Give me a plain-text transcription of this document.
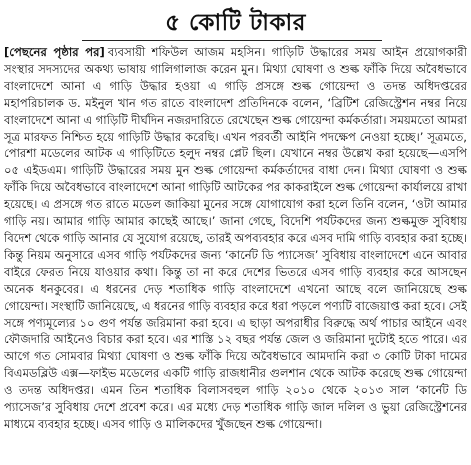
৫ কোটি টাকার
[পেছনের পৃষ্ঠার পর] ব্যবসায়ী শফিউল আজম মহসিন। গাড়িটি উদ্ধারের সময় আইন প্রয়োগকারী সংস্থার সদস্যদের অকথ্য ভাষায় গালিগালাজ করেন মুন। মিথ্যা ঘোষণা ও শুল্ক ফাঁকি দিয়ে অবৈধভাবে বাংলাদেশে আনা এ গাড়ি উদ্ধার হওয়া এ গাড়ি প্রসঙ্গে শুল্ক গোয়েন্দা ও তদন্ত অধিদপ্তরের মহাপরিচালক ড. মইনুল খান গত রাতে বাংলাদেশ প্রতিদিনকে বলেন, ‘ব্রিটিশ রেজিস্ট্রেশন নম্বর নিয়ে বাংলাদেশে আনা এ গাড়িটি দীর্ঘদিন নজরদারিতে রেখেছেন শুল্ক গোয়েন্দা কর্মকর্তারা। সময়মতো আমরা সূত্র মারফত নিশ্চিত হয়ে গাড়িটি উদ্ধার করেছি। এখন পরবর্তী আইনি পদক্ষেপ নেওয়া হচ্ছে।’ সূত্রমতে, পোরশা মডেলের আটক এ গাড়িটিতে হলুদ নম্বর প্লেট ছিল। যেখানে নম্বর উল্লেখ করা হয়েছে—এসপি ০৫ এইডএম। গাড়িটি উদ্ধারের সময় মুন শুল্ক গোয়েন্দা কর্মকর্তাদের বাধা দেন। মিথ্যা ঘোষণা ও শুল্ক ফাঁকি দিয়ে অবৈধভাবে বাংলাদেশে আনা গাড়িটি আটকের পর কাকরাইলে শুল্ক গোয়েন্দা কার্যালয়ে রাখা হয়েছে। এ প্রসঙ্গে গত রাতে মডেল জাকিয়া মুনের সঙ্গে যোগাযোগ করা হলে তিনি বলেন, ‘ওটা আমার গাড়ি নয়। আমার গাড়ি আমার কাছেই আছে।’ জানা গেছে, বিদেশি পর্যটকদের জন্য শুল্কমুক্ত সুবিধায় বিদেশ থেকে গাড়ি আনার যে সুযোগ রয়েছে, তারই অপব্যবহার করে এসব দামি গাড়ি ব্যবহার করা হচ্ছে। কিন্তু নিয়ম অনুসারে এসব গাড়ি পর্যটকদের জন্য ‘কার্নেট ডি প্যাসেজ’ সুবিধায় বাংলাদেশে এনে আবার বাইরে ফেরত নিয়ে যাওয়ার কথা। কিন্তু তা না করে দেশের ভিতরে এসব গাড়ি ব্যবহার করে আসছেন অনেক ধনকুবের। এ ধরনের দেড় শতাধিক গাড়ি বাংলাদেশে এখনো আছে বলে জানিয়েছে শুল্ক গোয়েন্দা। সংস্থাটি জানিয়েছে, এ ধরনের গাড়ি ব্যবহার করে ধরা পড়লে পণ্যটি বাজেয়াপ্ত করা হবে। সেই সঙ্গে পণ্যমূল্যের ১০ গুণ পর্যন্ত জরিমানা করা হবে। এ ছাড়া অপরাধীর বিরুদ্ধে অর্থ পাচার আইনে এবং ফৌজদারি আইনেও বিচার করা হবে। এর শাস্তি ১২ বছর পর্যন্ত জেল ও জরিমানা দুটোই হতে পারে। এর আগে গত সোমবার মিথ্যা ঘোষণা ও শুল্ক ফাঁকি দিয়ে অবৈধভাবে আমদানি করা ৩ কোটি টাকা দামের বিএমডব্লিউ এক্স—ফাইভ মডেলের একটি গাড়ি রাজধানীর গুলশান থেকে আটক করেছে শুল্ক গোয়েন্দা ও তদন্ত অধিদপ্তর। এমন তিন শতাধিক বিলাসবহুল গাড়ি ২০১০ থেকে ২০১৩ সাল ‘কার্নেট ডি প্যাসেজ’র সুবিধায় দেশে প্রবেশ করে। এর মধ্যে দেড় শতাধিক গাড়ি জাল দলিল ও ভুয়া রেজিস্ট্রেশনের মাধ্যমে ব্যবহার হচ্ছে। এসব গাড়ি ও মালিকদের খুঁজছেন শুল্ক গোয়েন্দা।
